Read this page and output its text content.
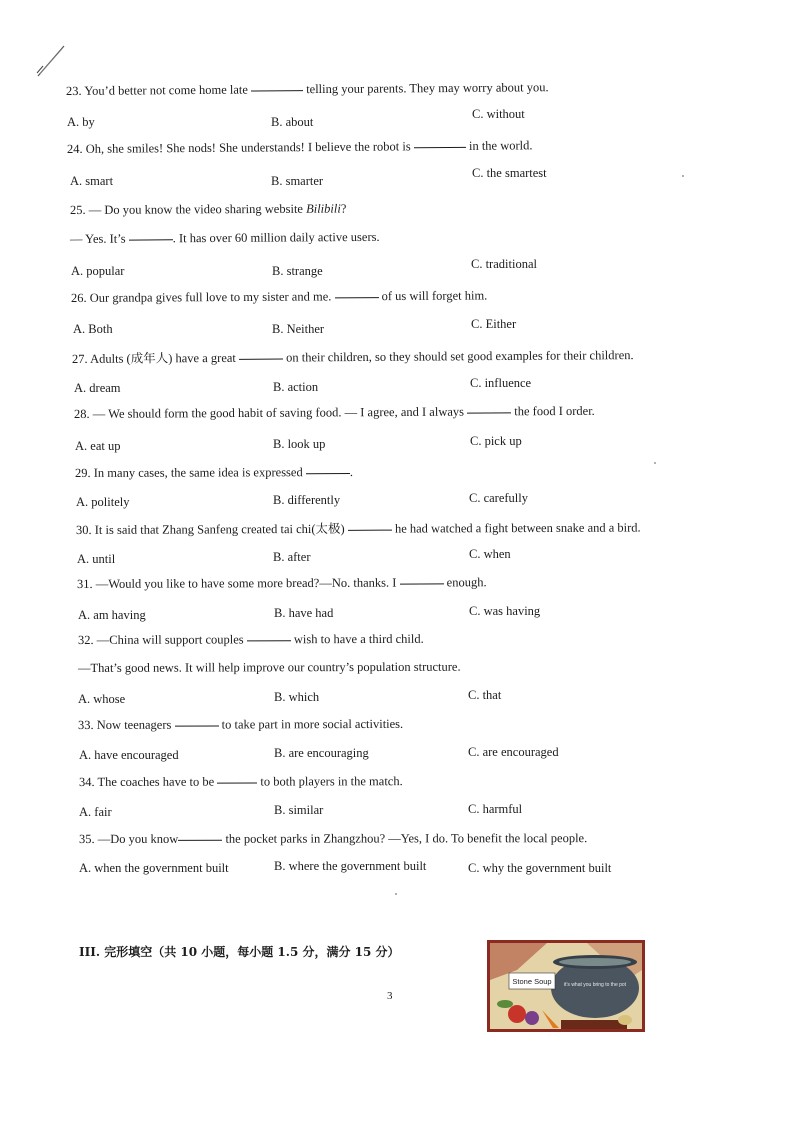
23. You’d better not come home late	telling your parents. They may worry about you.
A. by	B. about
C. without
24. Oh, she smiles! She nods! She understands! I believe the robot is	in the world.
A. smart	B. smarter
C. the smartest
25. — Do you know the video sharing website Bilibili?
— Yes. It’s	. It has over 60 million daily active users.
A. popular	B. strange	C. traditional
26. Our grandpa gives full love to my sister and me.	of us will forget him.
A. Both	B. Neither	C. Either
27. Adults (成年人) have a great	on their children, so they should set good examples for their children.
A. dream	B. action	C. influence
28. — We should form the good habit of saving food. — I agree, and I always	the food I order.
A. eat up	B. look up	C. pick up
29. In many cases, the same idea is expressed	.
A. politely	B. differently	C. carefully
30. It is said that Zhang Sanfeng created tai chi(太极)	he had watched a fight between snake and a bird.
A. until	B. after	C. when
31. —Would you like to have some more bread?—No. thanks. I	enough.
A. am having	B. have had	C. was having
32. —China will support couples	wish to have a third child.
—That’s good news. It will help improve our country’s population structure.
A. whose	B. which	C. that
33. Now teenagers	to take part in more social activities.
A. have encouraged	B. are encouraging	C. are encouraged
34. The coaches have to be	to both players in the match.
A. fair	B. similar	C. harmful
35. —Do you know	the pocket parks in Zhangzhou? —Yes, I do. To benefit the local people.
A. when the government built	B. where the government built	C. why the government built
III. 完形填空（共 10 小题，每小题 1.5 分，满分 15 分）
3
Stone Soup it’s what you bring to the pot
